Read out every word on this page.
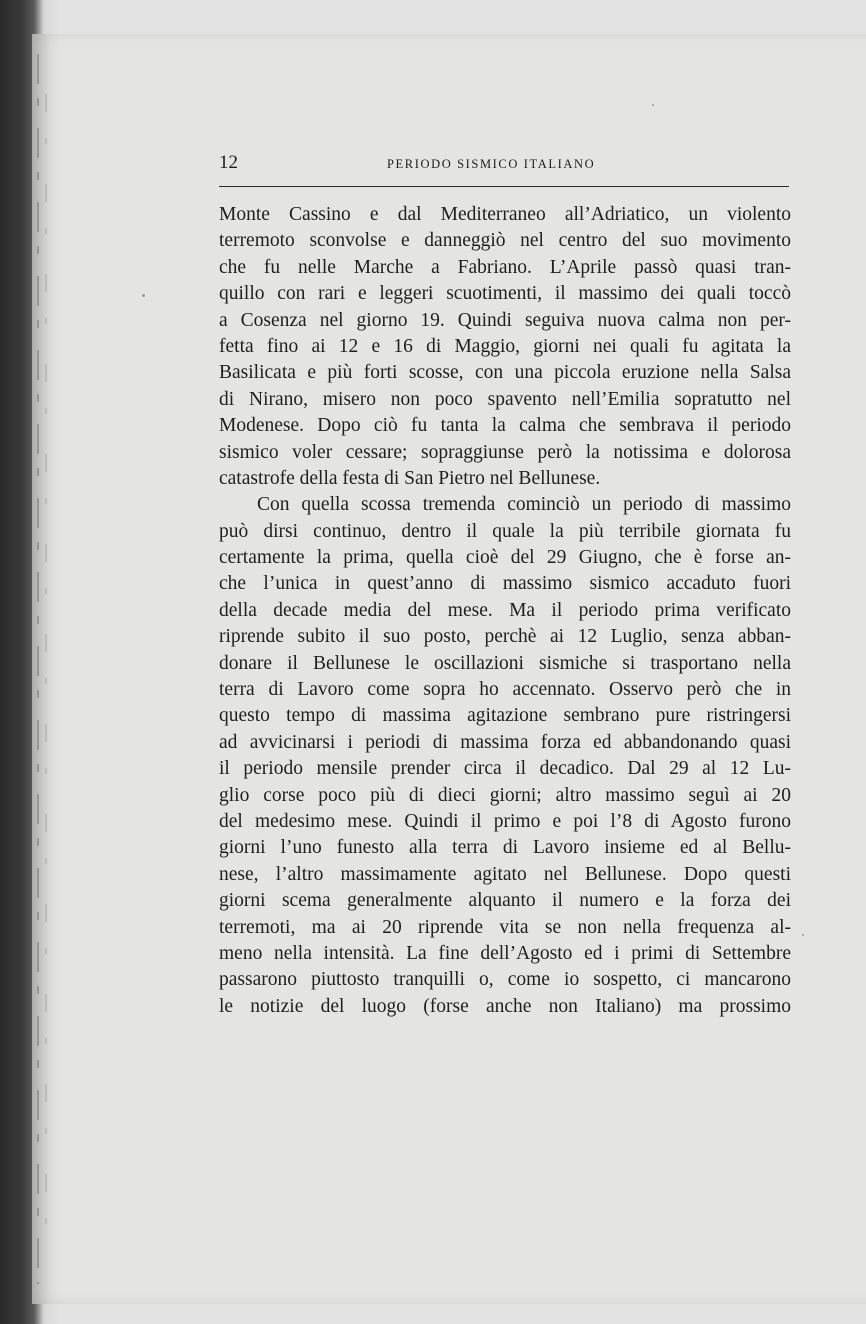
12	PERIODO SISMICO ITALIANO
Monte Cassino e dal Mediterraneo all’Adriatico, un violento
terremoto sconvolse e danneggiò nel centro del suo movimento
che fu nelle Marche a Fabriano. L’Aprile passò quasi tran-
quillo con rari e leggeri scuotimenti, il massimo dei quali toccò
a Cosenza nel giorno 19. Quindi seguiva nuova calma non per-
fetta fino ai 12 e 16 di Maggio, giorni nei quali fu agitata la
Basilicata e più forti scosse, con una piccola eruzione nella Salsa
di Nirano, misero non poco spavento nell’Emilia sopratutto nel
Modenese. Dopo ciò fu tanta la calma che sembrava il periodo
sismico voler cessare; sopraggiunse però la notissima e dolorosa
catastrofe della festa di San Pietro nel Bellunese.
Con quella scossa tremenda cominciò un periodo di massimo
può dirsi continuo, dentro il quale la più terribile giornata fu
certamente la prima, quella cioè del 29 Giugno, che è forse an-
che l’unica in quest’anno di massimo sismico accaduto fuori
della decade media del mese. Ma il periodo prima verificato
riprende subito il suo posto, perchè ai 12 Luglio, senza abban-
donare il Bellunese le oscillazioni sismiche si trasportano nella
terra di Lavoro come sopra ho accennato. Osservo però che in
questo tempo di massima agitazione sembrano pure ristringersi
ad avvicinarsi i periodi di massima forza ed abbandonando quasi
il periodo mensile prender circa il decadico. Dal 29 al 12 Lu-
glio corse poco più di dieci giorni; altro massimo seguì ai 20
del medesimo mese. Quindi il primo e poi l’8 di Agosto furono
giorni l’uno funesto alla terra di Lavoro insieme ed al Bellu-
nese, l’altro massimamente agitato nel Bellunese. Dopo questi
giorni scema generalmente alquanto il numero e la forza dei
terremoti, ma ai 20 riprende vita se non nella frequenza al-
meno nella intensità. La fine dell’Agosto ed i primi di Settembre
passarono piuttosto tranquilli o, come io sospetto, ci mancarono
le notizie del luogo (forse anche non Italiano) ma prossimo
